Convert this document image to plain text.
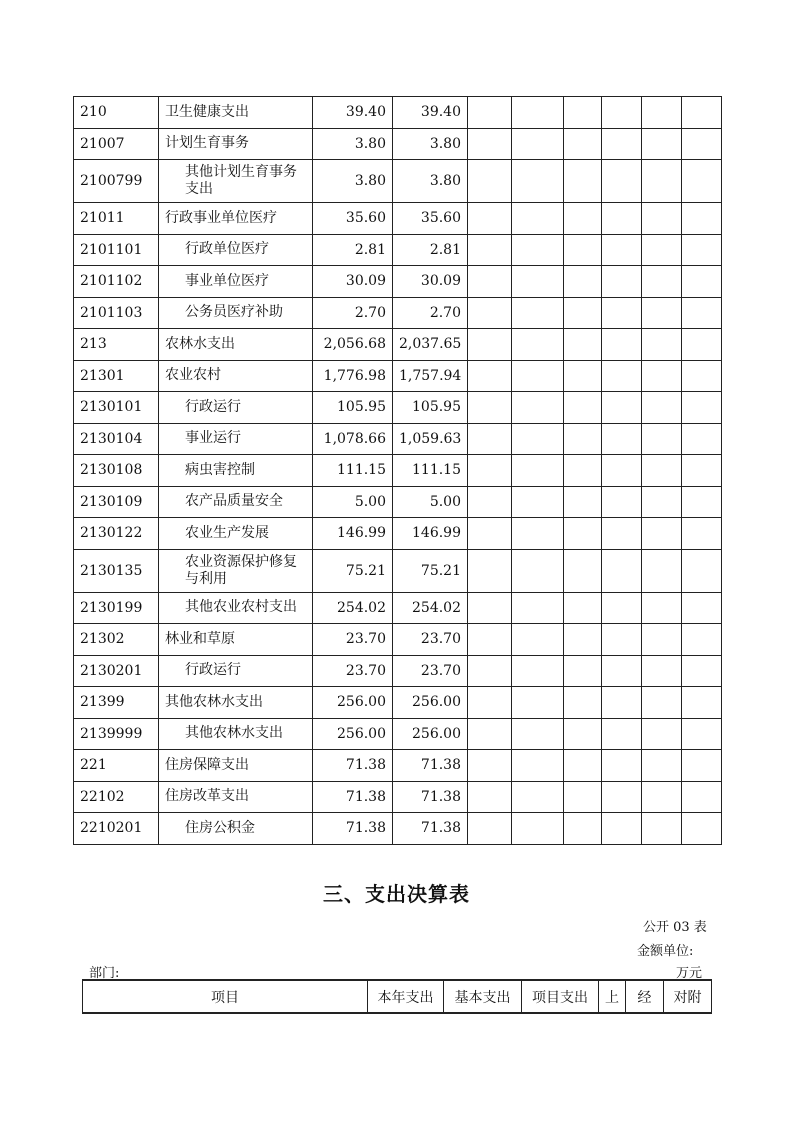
210	卫生健康支出	39.40	39.40						
21007	计划生育事务	3.80	3.80						
2100799	其他计划生育事务支出	3.80	3.80						
21011	行政事业单位医疗	35.60	35.60						
2101101	行政单位医疗	2.81	2.81						
2101102	事业单位医疗	30.09	30.09						
2101103	公务员医疗补助	2.70	2.70						
213	农林水支出	2,056.68	2,037.65						
21301	农业农村	1,776.98	1,757.94						
2130101	行政运行	105.95	105.95						
2130104	事业运行	1,078.66	1,059.63						
2130108	病虫害控制	111.15	111.15						
2130109	农产品质量安全	5.00	5.00						
2130122	农业生产发展	146.99	146.99						
2130135	农业资源保护修复与利用	75.21	75.21						
2130199	其他农业农村支出	254.02	254.02						
21302	林业和草原	23.70	23.70						
2130201	行政运行	23.70	23.70						
21399	其他农林水支出	256.00	256.00						
2139999	其他农林水支出	256.00	256.00						
221	住房保障支出	71.38	71.38						
22102	住房改革支出	71.38	71.38						
2210201	住房公积金	71.38	71.38						
三、支出决算表
公开 03 表
金额单位:
部门:	万元
项目	本年支出	基本支出	项目支出	上	经	对附
